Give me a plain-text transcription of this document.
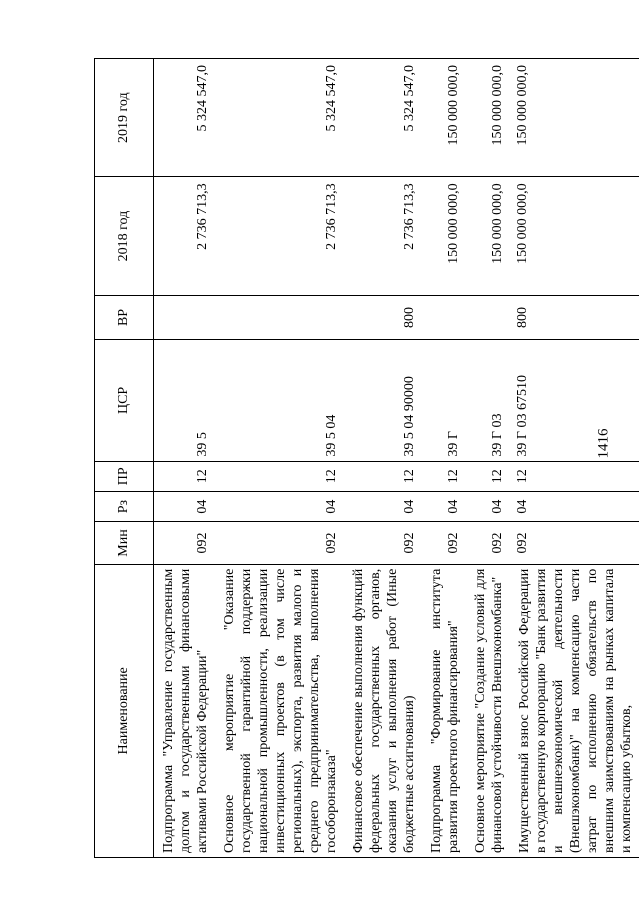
1416
Наименование	Мин	Рз	ПР	ЦСР	ВР	2018 год	2019 год
Подпрограмма "Управление государственным долгом и государственными финансовыми активами Российской Федерации"	092	04	12	39 5		2 736 713,3	5 324 547,0
Основное мероприятие "Оказание государственной гарантийной поддержки национальной промышленности, реализации инвестиционных проектов (в том числе региональных), экспорта, развития малого и среднего предпринимательства, выполнения гособоронзаказа"	092	04	12	39 5 04		2 736 713,3	5 324 547,0
Финансовое обеспечение выполнения функций федеральных государственных органов, оказания услуг и выполнения работ (Иные бюджетные ассигнования)	092	04	12	39 5 04 90000	800	2 736 713,3	5 324 547,0
Подпрограмма "Формирование института развития проектного финансирования"	092	04	12	39 Г		150 000 000,0	150 000 000,0
Основное мероприятие "Создание условий для финансовой устойчивости Внешэкономбанка"	092	04	12	39 Г 03		150 000 000,0	150 000 000,0
Имущественный взнос Российской Федерации в государственную корпорацию "Банк развития и внешнеэкономической деятельности (Внешэкономбанк)" на компенсацию части затрат по исполнению обязательств по внешним заимствованиям на рынках капитала и компенсацию убытков,	092	04	12	39 Г 03 67510	800	150 000 000,0	150 000 000,0
